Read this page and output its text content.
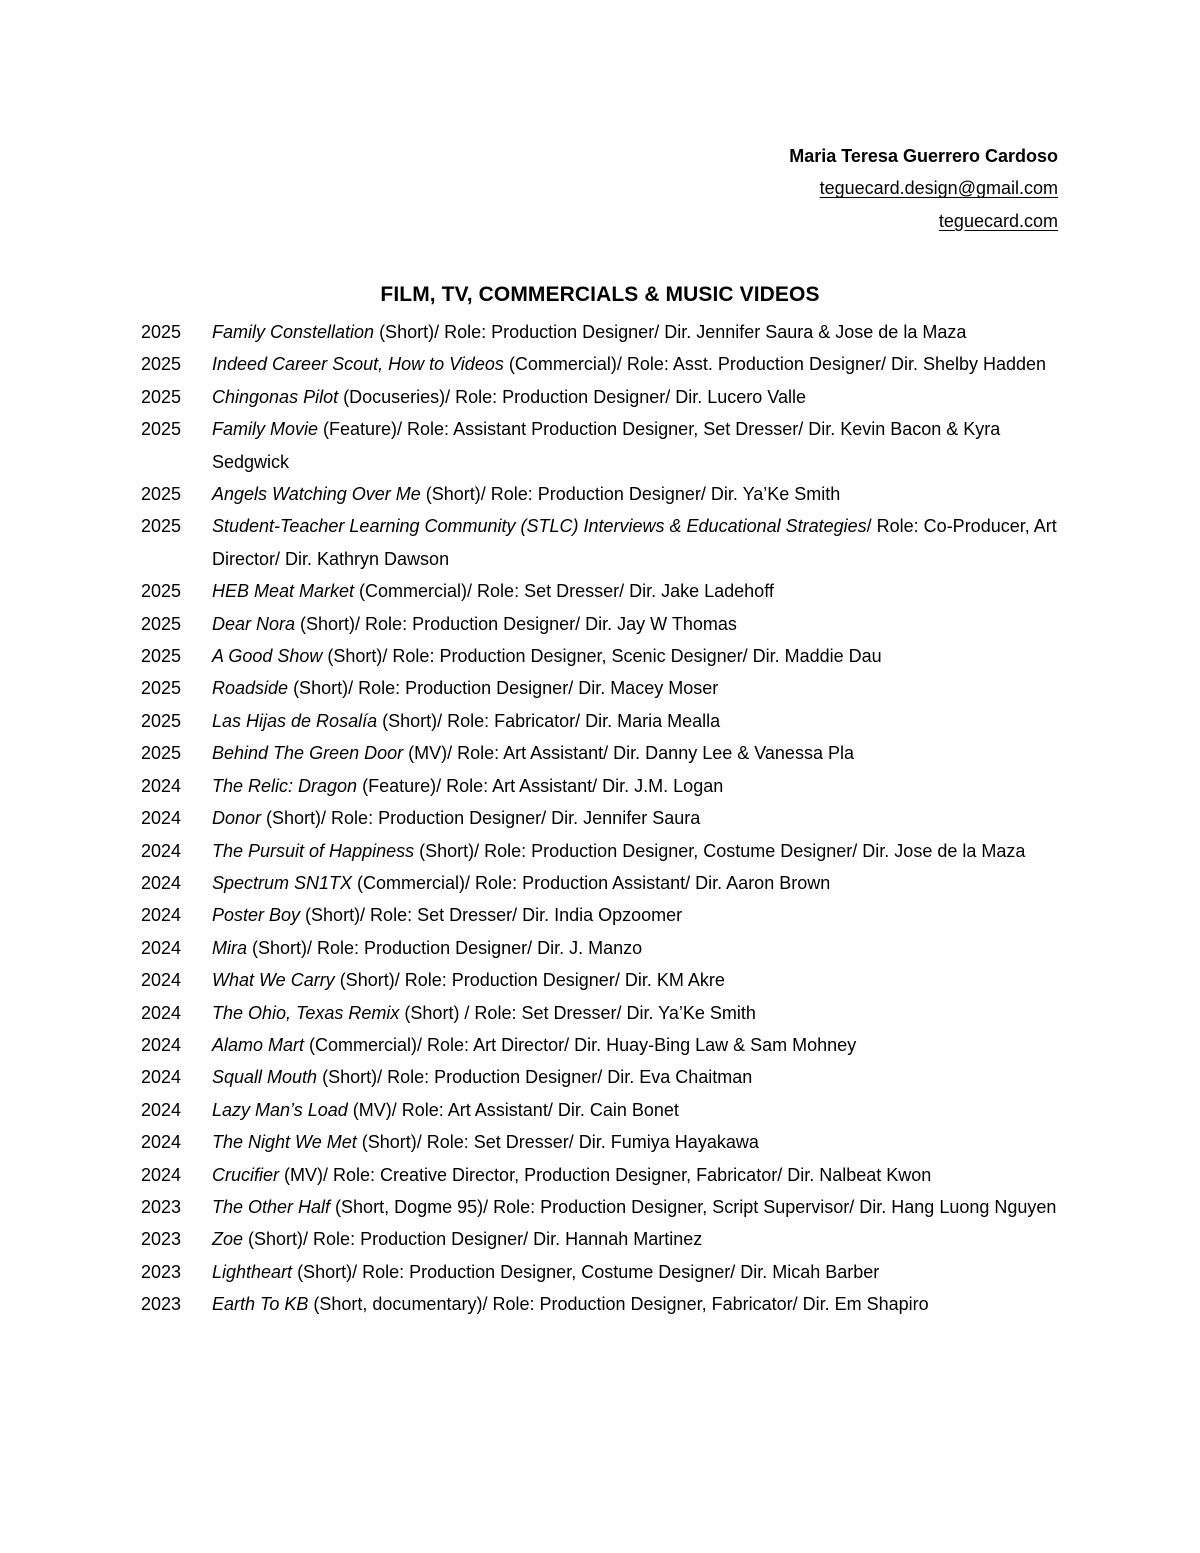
Maria Teresa Guerrero Cardoso
teguecard.design@gmail.com
teguecard.com
FILM, TV, COMMERCIALS & MUSIC VIDEOS
2025	Family Constellation (Short)/ Role: Production Designer/ Dir. Jennifer Saura & Jose de la Maza
2025	Indeed Career Scout, How to Videos (Commercial)/ Role: Asst. Production Designer/ Dir. Shelby Hadden
2025	Chingonas Pilot (Docuseries)/ Role: Production Designer/ Dir. Lucero Valle
2025	Family Movie (Feature)/ Role: Assistant Production Designer, Set Dresser/ Dir. Kevin Bacon & Kyra Sedgwick
2025	Angels Watching Over Me (Short)/ Role: Production Designer/ Dir. Ya’Ke Smith
2025	Student-Teacher Learning Community (STLC) Interviews & Educational Strategies/ Role: Co-Producer, Art Director/ Dir. Kathryn Dawson
2025	HEB Meat Market (Commercial)/ Role: Set Dresser/ Dir. Jake Ladehoff
2025	Dear Nora (Short)/ Role: Production Designer/ Dir. Jay W Thomas
2025	A Good Show (Short)/ Role: Production Designer, Scenic Designer/ Dir. Maddie Dau
2025	Roadside (Short)/ Role: Production Designer/ Dir. Macey Moser
2025	Las Hijas de Rosalía (Short)/ Role: Fabricator/ Dir. Maria Mealla
2025	Behind The Green Door (MV)/ Role: Art Assistant/ Dir. Danny Lee & Vanessa Pla
2024	The Relic: Dragon (Feature)/ Role: Art Assistant/ Dir. J.M. Logan
2024	Donor (Short)/ Role: Production Designer/ Dir. Jennifer Saura
2024	The Pursuit of Happiness (Short)/ Role: Production Designer, Costume Designer/ Dir. Jose de la Maza
2024	Spectrum SN1TX (Commercial)/ Role: Production Assistant/ Dir. Aaron Brown
2024	Poster Boy (Short)/ Role: Set Dresser/ Dir. India Opzoomer
2024	Mira (Short)/ Role: Production Designer/ Dir. J. Manzo
2024	What We Carry (Short)/ Role: Production Designer/ Dir. KM Akre
2024	The Ohio, Texas Remix (Short) / Role: Set Dresser/ Dir. Ya’Ke Smith
2024	Alamo Mart (Commercial)/ Role: Art Director/ Dir. Huay-Bing Law & Sam Mohney
2024	Squall Mouth (Short)/ Role: Production Designer/ Dir. Eva Chaitman
2024	Lazy Man’s Load (MV)/ Role: Art Assistant/ Dir. Cain Bonet
2024	The Night We Met (Short)/ Role: Set Dresser/ Dir. Fumiya Hayakawa
2024	Crucifier (MV)/ Role: Creative Director, Production Designer, Fabricator/ Dir. Nalbeat Kwon
2023	The Other Half (Short, Dogme 95)/ Role: Production Designer, Script Supervisor/ Dir. Hang Luong Nguyen
2023	Zoe (Short)/ Role: Production Designer/ Dir. Hannah Martinez
2023	Lightheart (Short)/ Role: Production Designer, Costume Designer/ Dir. Micah Barber
2023	Earth To KB (Short, documentary)/ Role: Production Designer, Fabricator/ Dir. Em Shapiro
